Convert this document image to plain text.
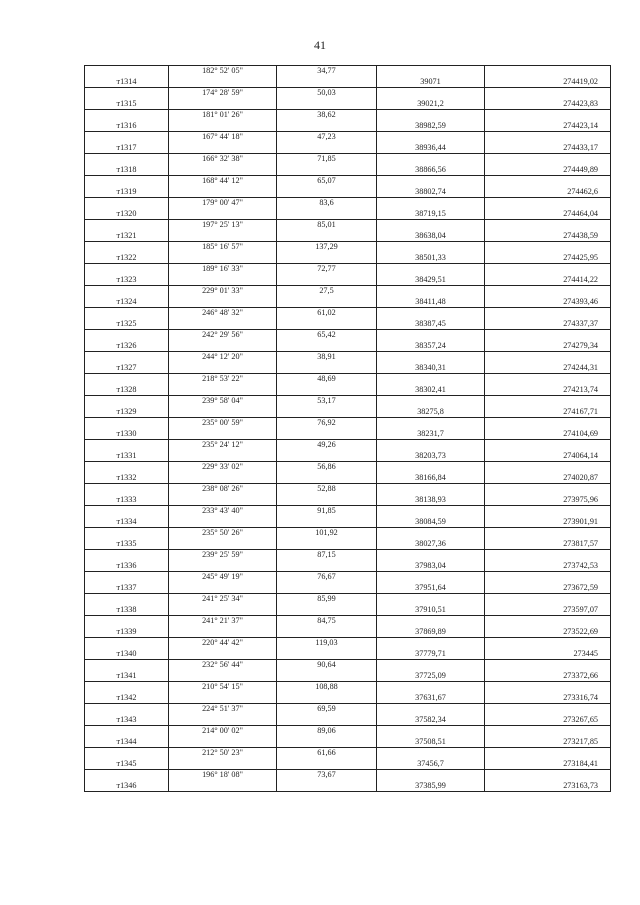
41
	182° 52' 05"	34,77		
т1314			39071	274419,02
	174° 28' 59"	50,03		
т1315			39021,2	274423,83
	181° 01' 26"	38,62		
т1316			38982,59	274423,14
	167° 44' 18"	47,23		
т1317			38936,44	274433,17
	166° 32' 38"	71,85		
т1318			38866,56	274449,89
	168° 44' 12"	65,07		
т1319			38802,74	274462,6
	179° 00' 47"	83,6		
т1320			38719,15	274464,04
	197° 25' 13"	85,01		
т1321			38638,04	274438,59
	185° 16' 57"	137,29		
т1322			38501,33	274425,95
	189° 16' 33"	72,77		
т1323			38429,51	274414,22
	229° 01' 33"	27,5		
т1324			38411,48	274393,46
	246° 48' 32"	61,02		
т1325			38387,45	274337,37
	242° 29' 56"	65,42		
т1326			38357,24	274279,34
	244° 12' 20"	38,91		
т1327			38340,31	274244,31
	218° 53' 22"	48,69		
т1328			38302,41	274213,74
	239° 58' 04"	53,17		
т1329			38275,8	274167,71
	235° 00' 59"	76,92		
т1330			38231,7	274104,69
	235° 24' 12"	49,26		
т1331			38203,73	274064,14
	229° 33' 02"	56,86		
т1332			38166,84	274020,87
	238° 08' 26"	52,88		
т1333			38138,93	273975,96
	233° 43' 40"	91,85		
т1334			38084,59	273901,91
	235° 50' 26"	101,92		
т1335			38027,36	273817,57
	239° 25' 59"	87,15		
т1336			37983,04	273742,53
	245° 49' 19"	76,67		
т1337			37951,64	273672,59
	241° 25' 34"	85,99		
т1338			37910,51	273597,07
	241° 21' 37"	84,75		
т1339			37869,89	273522,69
	220° 44' 42"	119,03		
т1340			37779,71	273445
	232° 56' 44"	90,64		
т1341			37725,09	273372,66
	210° 54' 15"	108,88		
т1342			37631,67	273316,74
	224° 51' 37"	69,59		
т1343			37582,34	273267,65
	214° 00' 02"	89,06		
т1344			37508,51	273217,85
	212° 50' 23"	61,66		
т1345			37456,7	273184,41
	196° 18' 08"	73,67		
т1346			37385,99	273163,73
